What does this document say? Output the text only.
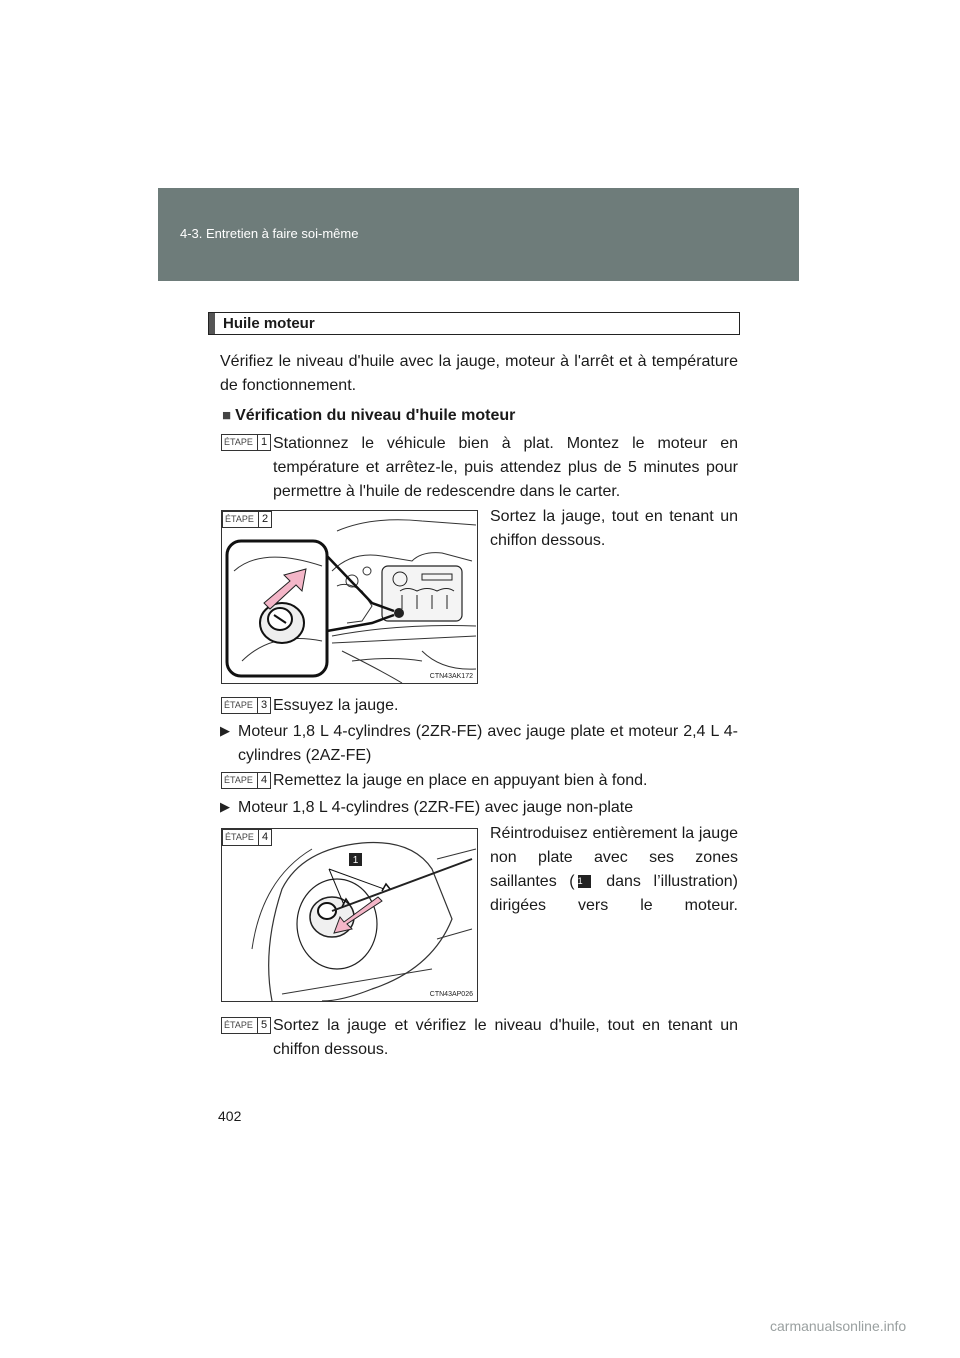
4-3. Entretien à faire soi-même
Huile moteur
Vérifiez le niveau d'huile avec la jauge, moteur à l'arrêt et à température de fonctionnement.
■ Vérification du niveau d'huile moteur
ÉTAPE 1 Stationnez le véhicule bien à plat. Montez le moteur en température et arrêtez-le, puis attendez plus de 5 minutes pour permettre à l'huile de redescendre dans le carter.
ÉTAPE 2
CTN43AK172
Sortez la jauge, tout en tenant un chiffon dessous.
ÉTAPE 3 Essuyez la jauge.
▶ Moteur 1,8 L 4-cylindres (2ZR-FE) avec jauge plate et moteur 2,4 L 4-cylindres (2AZ-FE)
ÉTAPE 4 Remettez la jauge en place en appuyant bien à fond.
▶ Moteur 1,8 L 4-cylindres (2ZR-FE) avec jauge non-plate
1
ÉTAPE 4
CTN43AP026
Réintroduisez entièrement la jauge non plate avec ses zones saillantes ( 1 dans l’illustration) dirigées vers le moteur.
ÉTAPE 5 Sortez la jauge et vérifiez le niveau d'huile, tout en tenant un chiffon dessous.
402
carmanualsonline.info
